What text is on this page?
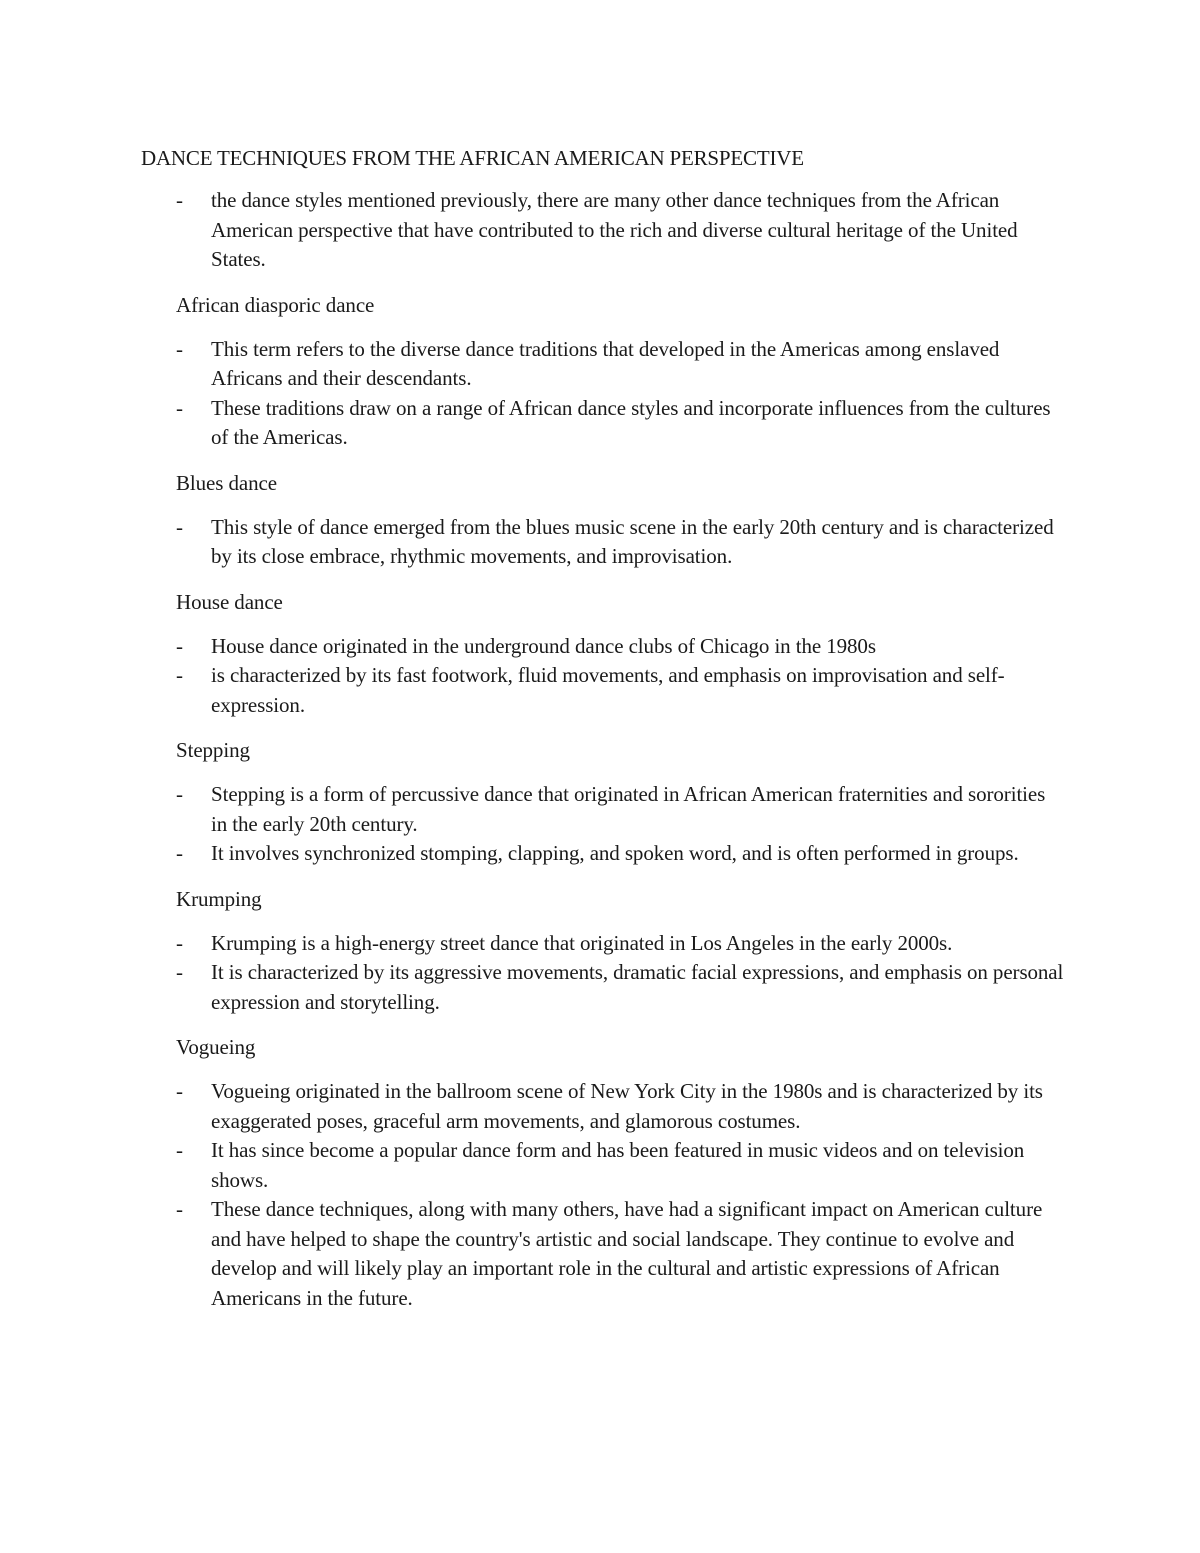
DANCE TECHNIQUES FROM THE AFRICAN AMERICAN PERSPECTIVE
-	the dance styles mentioned previously, there are many other dance techniques from the African American perspective that have contributed to the rich and diverse cultural heritage of the United States.

African diasporic dance

-	This term refers to the diverse dance traditions that developed in the Americas among enslaved Africans and their descendants.
-	These traditions draw on a range of African dance styles and incorporate influences from the cultures of the Americas.

Blues dance

-	This style of dance emerged from the blues music scene in the early 20th century and is characterized by its close embrace, rhythmic movements, and improvisation.

House dance

-	House dance originated in the underground dance clubs of Chicago in the 1980s
-	is characterized by its fast footwork, fluid movements, and emphasis on improvisation and self-expression.

Stepping

-	Stepping is a form of percussive dance that originated in African American fraternities and sororities in the early 20th century.
-	It involves synchronized stomping, clapping, and spoken word, and is often performed in groups.

Krumping

-	Krumping is a high-energy street dance that originated in Los Angeles in the early 2000s.
-	It is characterized by its aggressive movements, dramatic facial expressions, and emphasis on personal expression and storytelling.

Vogueing

-	Vogueing originated in the ballroom scene of New York City in the 1980s and is characterized by its exaggerated poses, graceful arm movements, and glamorous costumes.
-	It has since become a popular dance form and has been featured in music videos and on television shows.
-	These dance techniques, along with many others, have had a significant impact on American culture and have helped to shape the country's artistic and social landscape. They continue to evolve and develop and will likely play an important role in the cultural and artistic expressions of African Americans in the future.
